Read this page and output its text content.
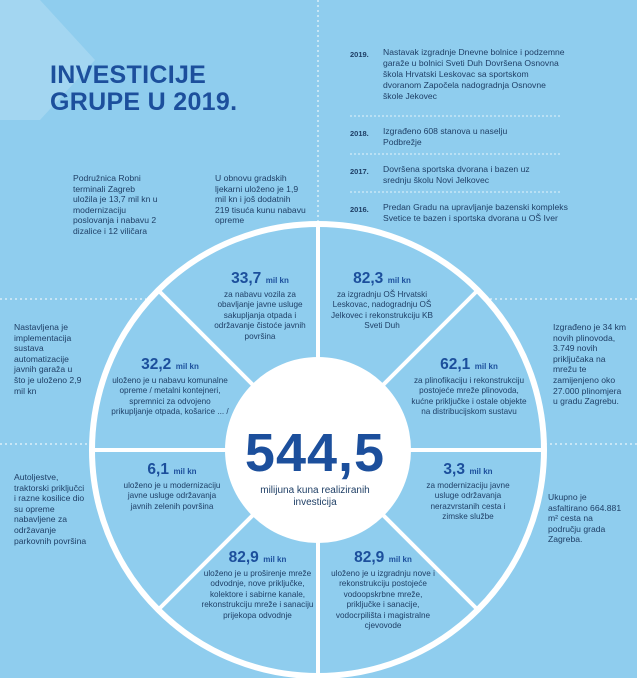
INVESTICIJE
GRUPE U 2019.
2019. Nastavak izgradnje Dnevne bolnice i podzemne garaže u bolnici Sveti Duh Dovršena Osnovna škola Hrvatski Leskovac sa sportskom dvoranom Započela nadogradnja Osnovne škole Jekovec
2018. Izgrađeno 608 stanova u naselju Podbrežje
2017. Dovršena sportska dvorana i bazen uz srednju školu Novi Jelkovec
2016. Predan Gradu na upravljanje bazenski kompleks Svetice te bazen i sportska dvorana u OŠ Iver
Podružnica Robni terminali Zagreb uložila je 13,7 mil kn u modernizaciju poslovanja i nabavu 2 dizalice i 12 viličara
U obnovu gradskih ljekarni uloženo je 1,9 mil kn i još dodatnih 219 tisuća kunu nabavu opreme
Nastavljena je implementacija sustava automatizacije javnih garaža u što je uloženo 2,9 mil kn
Autoljestve, traktorski priključci i razne kosilice dio su opreme nabavljene za održavanje parkovnih površina
Izgrađeno je 34 km novih plinovoda, 3.749 novih priključaka na mrežu te zamijenjeno oko 27.000 plinomjera u gradu Zagrebu.
Ukupno je asfaltirano 664.881 m² cesta na području grada Zagreba.
33,7 mil kn
za nabavu vozila za obavljanje javne usluge sakupljanja otpada i održavanje čistoće javnih površina
82,3 mil kn
za izgradnju OŠ Hrvatski Leskovac, nadogradnju OŠ Jelkovec i rekonstrukciju KB Sveti Duh
62,1 mil kn
za plinofikaciju i rekonstrukciju postojeće mreže plinovoda, kućne priključke i ostale objekte na distribucijskom sustavu
3,3 mil kn
za modernizaciju javne usluge održavanja nerazvrstanih cesta i zimske službe
82,9 mil kn
uloženo je u izgradnju nove i rekonstrukciju postojeće vodoopskrbne mreže, priključke i sanacije, vodocrpilišta i magistralne cjevovode
82,9 mil kn
uloženo je u proširenje mreže odvodnje, nove priključke, kolektore i sabirne kanale, rekonstrukciju mreže i sanaciju prijekopa odvodnje
6,1 mil kn
uloženo je u modernizaciju javne usluge održavanja javnih zelenih površina
32,2 mil kn
uloženo je u nabavu komunalne opreme / metalni kontejneri, spremnici za odvojeno prikupljanje otpada, košarice ... /
544,5
milijuna kuna realiziranih investicija
